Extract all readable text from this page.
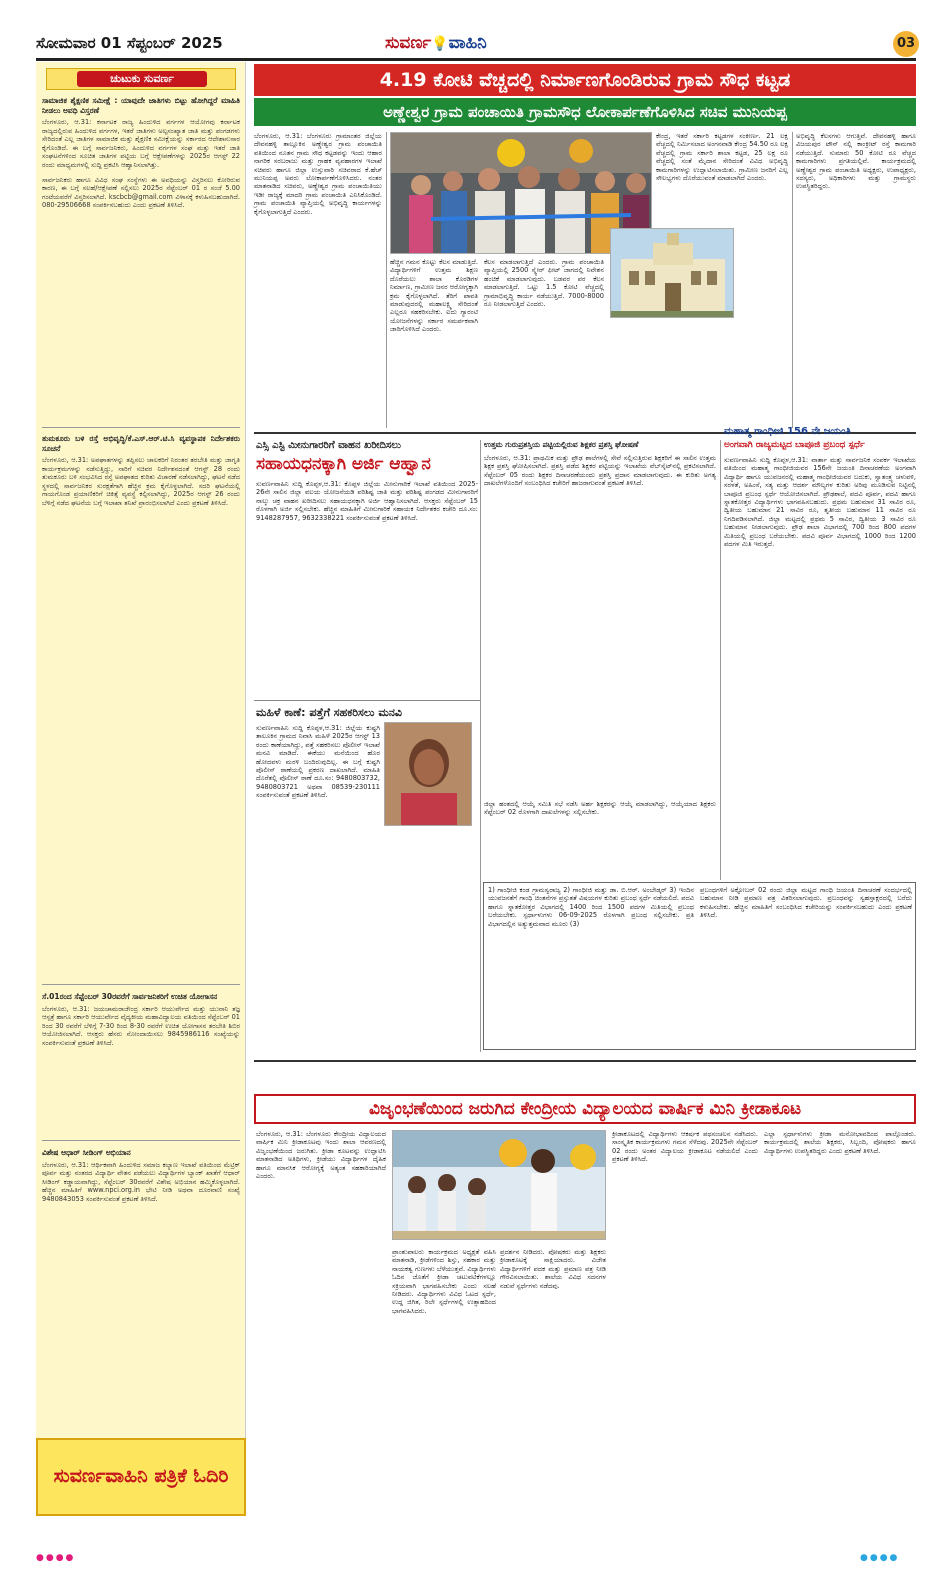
ಸೋಮವಾರ 01 ಸೆಪ್ಟಂಬರ್ 2025	ಸುವರ್ಣ💡ವಾಹಿನಿ	03
ಚುಟುಕು ಸುವರ್ಣ
ಸಾಮಾಜಿಕ ಶೈಕ್ಷಣಿಕ ಸಮೀಕ್ಷೆ : ಯಾವುದೇ ಜಾತಿಗಳು ಬಿಟ್ಟು ಹೋಗಿದ್ದರೆ ಮಾಹಿತಿ ನೀಡಲು ಅವಧಿ ವಿಸ್ತರಣೆ
ಬೆಂಗಳೂರು, ಆ.31: ಕರ್ನಾಟಕ ರಾಜ್ಯ ಹಿಂದುಳಿದ ವರ್ಗಗಳ ಆಯೋಗವು ಕರ್ನಾಟಕ ರಾಜ್ಯದಲ್ಲಿರುವ ಹಿಂದುಳಿದ ವರ್ಗಗಳ, ಇತರೆ ಜಾತಿಗಳು ಅಲ್ಪಸಂಖ್ಯಾತ ಜಾತಿ ಮತ್ತು ಪಂಗಡಗಳು ಸೇರಿದಂತೆ ಎಲ್ಲ ಜಾತಿಗಳ ಸಾಮಾಜಿಕ ಮತ್ತು ಶೈಕ್ಷಣಿಕ ಸಮೀಕ್ಷೆಯನ್ನು ಸರ್ಕಾರದ ಆದೇಶಾನುಸಾರ ಕೈಗೊಂಡಿದೆ. ಈ ಬಗ್ಗೆ ಸಾರ್ವಜನಿಕರು, ಹಿಂದುಳಿದ ವರ್ಗಗಳ ಸಂಘ ಮತ್ತು ಇತರೆ ಜಾತಿ ಸಂಘಟನೆಗಳಿಂದ ಸೂಚಿತ ಜಾತಿಗಳ ಪಟ್ಟಿಯ ಬಗ್ಗೆ ಆಕ್ಷೇಪಣೆಗಳನ್ನು 2025ರ ಆಗಸ್ಟ್ 22 ರಂದು ಮಾಧ್ಯಮಗಳಲ್ಲಿ ಸುದ್ದಿ ಪ್ರಕಟಿಸಿ ಆಹ್ವಾನಿಸಲಾಗಿತ್ತು.
ಸಾರ್ವಜನಿಕರು ಹಾಗೂ ವಿವಿಧ ಸಂಘ ಸಂಸ್ಥೆಗಳು ಈ ಅವಧಿಯನ್ನು ವಿಸ್ತರಿಸಲು ಕೋರಿರುವ ಕಾರಣ, ಈ ಬಗ್ಗೆ ಸಲಹೆ/ಆಕ್ಷೇಪಣೆ ಸಲ್ಲಿಸಲು 2025ರ ಸೆಪ್ಟೆಂಬರ್ 01 ರ ಸಂಜೆ 5.00 ಗಂಟೆಯವರೆಗೆ ವಿಸ್ತರಿಸಲಾಗಿದೆ. kscbcb@gmail.com ವಿಳಾಸಕ್ಕೆ ಕಳುಹಿಸಬಹುದಾಗಿದೆ. 080-29506668 ಸಂಪರ್ಕಿಸಬಹುದು ಎಂದು ಪ್ರಕಟಣೆ ತಿಳಿಸಿದೆ.
ತುಮಕೂರು ಬಳಿ ರಸ್ತೆ ಅಭಿವೃದ್ಧಿ/ಕೆ.ಎಸ್.ಆರ್.ಟಿ.ಸಿ ವ್ಯವಸ್ಥಾಪಕ ನಿರ್ದೇಶಕರು ಸೂಚನೆ
ಬೆಂಗಳೂರು, ಆ.31: ಅಪಘಾತಗಳನ್ನು ತಪ್ಪಿಸಲು ಚಾಲಕರಿಗೆ ನಿರಂತರ ತರಬೇತಿ ಮತ್ತು ಜಾಗೃತಿ ಕಾರ್ಯಕ್ರಮಗಳನ್ನು ನಡೆಸುತ್ತಿದ್ದು, ಸಾರಿಗೆ ಸಚಿವರ ನಿರ್ದೇಶನದಂತೆ ಆಗಸ್ಟ್ 28 ರಂದು ತುಮಕೂರು ಬಳಿ ಸಂಭವಿಸಿದ ರಸ್ತೆ ಅಪಘಾತದ ಕುರಿತು ವಿಚಾರಣೆ ನಡೆಸಲಾಗಿದ್ದು, ಘಟನೆ ನಡೆದ ಸ್ಥಳದಲ್ಲಿ ಸಾರ್ವಜನಿಕರ ಸುರಕ್ಷತೆಗಾಗಿ ಹೆಚ್ಚಿನ ಕ್ರಮ ಕೈಗೊಳ್ಳಲಾಗಿದೆ. ಸದರಿ ಘಟನೆಯಲ್ಲಿ ಗಾಯಗೊಂಡ ಪ್ರಯಾಣಿಕರಿಗೆ ಚಿಕಿತ್ಸೆ ವ್ಯವಸ್ಥೆ ಕಲ್ಪಿಸಲಾಗಿದ್ದು, 2025ರ ಆಗಸ್ಟ್ 26 ರಂದು ಬೆಳಿಗ್ಗೆ ನಡೆದ ಘಟನೆಯ ಬಗ್ಗೆ ಇಲಾಖಾ ತನಿಖೆ ಪ್ರಾರಂಭಿಸಲಾಗಿದೆ ಎಂದು ಪ್ರಕಟಣೆ ತಿಳಿಸಿದೆ.
ಸೆ.01ರಂದ ಸೆಪ್ಟೆಂಬರ್ 30ರವರೆಗೆ ಸಾರ್ವಜನಿಕರಿಗೆ ಉಚಿತ ಯೋಗಾಸನ
ಬೆಂಗಳೂರು, ಆ.31: ಜಯಚಾಮರಾಜೇಂದ್ರ ಸರ್ಕಾರಿ ಆಯುರ್ವೇದ ಮತ್ತು ಯುನಾನಿ ತಜ್ಞ ಆಸ್ಪತ್ರೆ ಹಾಗೂ ಸರ್ಕಾರಿ ಆಯುರ್ವೇದ ವೈದ್ಯಕೀಯ ಮಹಾವಿದ್ಯಾಲಯ ವತಿಯಿಂದ ಸೆಪ್ಟೆಂಬರ್ 01 ರಿಂದ 30 ರವರೆಗೆ ಬೆಳಿಗ್ಗೆ 7-30 ರಿಂದ 8-30 ರವರೆಗೆ ಉಚಿತ ಯೋಗಾಸನ ತರಬೇತಿ ಶಿಬಿರ ಆಯೋಜಿಸಲಾಗಿದೆ. ಆಸಕ್ತರು ಹೆಸರು ನೋಂದಾಯಿಸಲು 9845986116 ಸಂಖ್ಯೆಯನ್ನು ಸಂಪರ್ಕಿಸುವಂತೆ ಪ್ರಕಟಣೆ ತಿಳಿಸಿದೆ.
ವಿಶೇಷ ಆಧಾರ್ ಸೀಡಿಂಗ್ ಅಭಿಯಾನ
ಬೆಂಗಳೂರು, ಆ.31: ಆರ್ಥಿಕವಾಗಿ ಹಿಂದುಳಿದ ಸಮಾಜ ಕಲ್ಯಾಣ ಇಲಾಖೆ ವತಿಯಿಂದ ಮೆಟ್ರಿಕ್ ಪೂರ್ವ ಮತ್ತು ನಂತರದ ವಿದ್ಯಾರ್ಥಿ ವೇತನ ಪಡೆಯಲು ವಿದ್ಯಾರ್ಥಿಗಳ ಬ್ಯಾಂಕ್ ಖಾತೆಗೆ ಆಧಾರ್ ಸೀಡಿಂಗ್ ಕಡ್ಡಾಯವಾಗಿದ್ದು, ಸೆಪ್ಟೆಂಬರ್ 30ರವರೆಗೆ ವಿಶೇಷ ಅಭಿಯಾನ ಹಮ್ಮಿಕೊಳ್ಳಲಾಗಿದೆ. ಹೆಚ್ಚಿನ ಮಾಹಿತಿಗೆ www.npci.org.in ಭೇಟಿ ನೀಡಿ ಅಥವಾ ದೂರವಾಣಿ ಸಂಖ್ಯೆ 9480843053 ಸಂಪರ್ಕಿಸುವಂತೆ ಪ್ರಕಟಣೆ ತಿಳಿಸಿದೆ.
ಸುವರ್ಣವಾಹಿನಿ ಪತ್ರಿಕೆ ಓದಿರಿ
4.19 ಕೋಟಿ ವೆಚ್ಚದಲ್ಲಿ ನಿರ್ಮಾಣಗೊಂಡಿರುವ ಗ್ರಾಮ ಸೌಧ ಕಟ್ಟಡ
ಅಣ್ಣೇಶ್ವರ ಗ್ರಾಮ ಪಂಚಾಯಿತಿ ಗ್ರಾಮಸೌಧ ಲೋಕಾರ್ಪಣೆಗೊಳಿಸಿದ ಸಚಿವ ಮುನಿಯಪ್ಪ
ಬೆಂಗಳೂರು, ಆ.31: ಬೆಂಗಳೂರು ಗ್ರಾಮಾಂತರ ಜಿಲ್ಲೆಯ ದೇವನಹಳ್ಳಿ ತಾಲ್ಲೂಕಿನ ಅಣ್ಣೇಶ್ವರ ಗ್ರಾಮ ಪಂಚಾಯಿತಿ ವತಿಯಿಂದ ನೂತನ ಗ್ರಾಮ ಸೌಧ ಕಟ್ಟಡವನ್ನು ಇಂದು ಆಹಾರ ನಾಗರಿಕ ಸರಬರಾಜು ಮತ್ತು ಗ್ರಾಹಕ ವ್ಯವಹಾರಗಳ ಇಲಾಖೆ ಸಚಿವರು ಹಾಗೂ ಜಿಲ್ಲಾ ಉಸ್ತುವಾರಿ ಸಚಿವರಾದ ಕೆ.ಹೆಚ್ ಮುನಿಯಪ್ಪ ಅವರು ಲೋಕಾರ್ಪಣೆಗೊಳಿಸಿದರು. ನಂತರ ಮಾತನಾಡಿದ ಸಚಿವರು, ಅಣ್ಣೇಶ್ವರ ಗ್ರಾಮ ಪಂಚಾಯಿತಿಯು ಇಡೀ ರಾಜ್ಯಕ್ಕೆ ಮಾದರಿ ಗ್ರಾಮ ಪಂಚಾಯಿತಿ ಎನಿಸಿಕೊಂಡಿದೆ. ಗ್ರಾಮ ಪಂಚಾಯಿತಿ ವ್ಯಾಪ್ತಿಯಲ್ಲಿ ಅಭಿವೃದ್ಧಿ ಕಾರ್ಯಗಳನ್ನು ಕೈಗೊಳ್ಳಲಾಗುತ್ತಿದೆ ಎಂದರು.
ಹೆಚ್ಚಿನ ಗಮನ ಕೊಟ್ಟು ಕೆಲಸ ಮಾಡುತ್ತಿದೆ. ವಿದ್ಯಾರ್ಥಿಗಳಿಗೆ ಉತ್ತಮ ಶಿಕ್ಷಣ ದೊರೆಯಲು ಶಾಲಾ ಕೊಠಡಿಗಳ ನಿರ್ಮಾಣ, ಗ್ರಾಮೀಣ ಜನರ ಆರೋಗ್ಯಕ್ಕಾಗಿ ಕ್ರಮ ಕೈಗೊಳ್ಳಲಾಗಿದೆ. ತೆರಿಗೆ ಪಾವತಿ ಮಾಡುವುದರಲ್ಲಿ ಮಹಾಲಕ್ಷ್ಮಿ ಸೇರಿದಂತೆ ಎಲ್ಲರೂ ಸಹಕರಿಸಬೇಕು. ಐದು ಗ್ಯಾರಂಟಿ ಯೋಜನೆಗಳನ್ನು ಸರ್ಕಾರ ಸಮರ್ಪಕವಾಗಿ ಜಾರಿಗೊಳಿಸಿದೆ ಎಂದರು.
ಕೆಲಸ ಮಾಡಲಾಗುತ್ತಿದೆ ಎಂದರು. ಗ್ರಾಮ ಪಂಚಾಯಿತಿ ವ್ಯಾಪ್ತಿಯಲ್ಲಿ 2500 ಸ್ಕ್ವೇರ್ ಫೀಟ್ ಜಾಗದಲ್ಲಿ ನಿವೇಶನ ಹಂಚಿಕೆ ಮಾಡಲಾಗುವುದು. ಬಡವರ ಪರ ಕೆಲಸ ಮಾಡಲಾಗುತ್ತಿದೆ. ಒಟ್ಟು 1.5 ಕೋಟಿ ವೆಚ್ಚದಲ್ಲಿ ಗ್ರಾಮಾಭಿವೃದ್ಧಿ ಕಾರ್ಯ ನಡೆಯುತ್ತಿದೆ. 7000-8000 ರೂ ನೀಡಲಾಗುತ್ತಿದೆ ಎಂದರು.
ಕೇಂದ್ರ, ಇತರೆ ಸರ್ಕಾರಿ ಕಟ್ಟಡಗಳ ಸಂಕೀರ್ಣ. 21 ಲಕ್ಷ ವೆಚ್ಚದಲ್ಲಿ ನಿರ್ಮಿಸಲಾದ ಅಂಗನವಾಡಿ ಕೇಂದ್ರ 54.50 ರೂ ಲಕ್ಷ ವೆಚ್ಚದಲ್ಲಿ ಗ್ರಾಮ ಸರ್ಕಾರಿ ಶಾಲಾ ಕಟ್ಟಡ, 25 ಲಕ್ಷ ರೂ ವೆಚ್ಚದಲ್ಲಿ ಸಂತೆ ಮೈದಾನ ಸೇರಿದಂತೆ ವಿವಿಧ ಅಭಿವೃದ್ಧಿ ಕಾಮಗಾರಿಗಳನ್ನು ಉದ್ಘಾಟಿಸಲಾಯಿತು. ಗ್ರಾಮೀಣ ಜನರಿಗೆ ಎಲ್ಲ ಸೌಲಭ್ಯಗಳು ದೊರೆಯುವಂತೆ ಮಾಡಲಾಗಿದೆ ಎಂದರು.
ಅಭಿವೃದ್ಧಿ ಕೆಲಸಗಳು ಆಗುತ್ತಿವೆ. ದೇವನಹಳ್ಳಿ ಹಾಗೂ ವಿಜಯಪುರ ಟೌನ್ ನಲ್ಲಿ ಕಾಂಕ್ರೀಟ್ ರಸ್ತೆ ಕಾಮಗಾರಿ ನಡೆಯುತ್ತಿದೆ. ಸುಮಾರು 50 ಕೋಟಿ ರೂ ವೆಚ್ಚದ ಕಾಮಗಾರಿಗಳು ಪ್ರಗತಿಯಲ್ಲಿವೆ. ಕಾರ್ಯಕ್ರಮದಲ್ಲಿ ಅಣ್ಣೇಶ್ವರ ಗ್ರಾಮ ಪಂಚಾಯಿತಿ ಅಧ್ಯಕ್ಷರು, ಉಪಾಧ್ಯಕ್ಷರು, ಸದಸ್ಯರು, ಅಧಿಕಾರಿಗಳು ಮತ್ತು ಗ್ರಾಮಸ್ಥರು ಉಪಸ್ಥಿತರಿದ್ದರು.
ಎಸ್ಸಿ ಎಸ್ಟಿ ಮೀನುಗಾರರಿಗೆ ವಾಹನ ಖರೀದಿಸಲು
ಸಹಾಯಧನಕ್ಕಾಗಿ ಅರ್ಜಿ ಆಹ್ವಾನ
ಸುವರ್ಣವಾಹಿನಿ ಸುದ್ದಿ ಕೊಪ್ಪಳ,ಆ.31: ಕೊಪ್ಪಳ ಜಿಲ್ಲೆಯ ಮೀನುಗಾರಿಕೆ ಇಲಾಖೆ ವತಿಯಿಂದ 2025-26ನೇ ಸಾಲಿನ ಜಿಲ್ಲಾ ವಲಯ ಯೋಜನೆಯಡಿ ಪರಿಶಿಷ್ಟ ಜಾತಿ ಮತ್ತು ಪರಿಶಿಷ್ಟ ಪಂಗಡದ ಮೀನುಗಾರರಿಗೆ ನಾಲ್ಕು ಚಕ್ರ ವಾಹನ ಖರೀದಿಸಲು ಸಹಾಯಧನಕ್ಕಾಗಿ ಅರ್ಜಿ ಆಹ್ವಾನಿಸಲಾಗಿದೆ. ಆಸಕ್ತರು ಸೆಪ್ಟೆಂಬರ್ 15 ರೊಳಗಾಗಿ ಅರ್ಜಿ ಸಲ್ಲಿಸಬೇಕು. ಹೆಚ್ಚಿನ ಮಾಹಿತಿಗೆ ಮೀನುಗಾರಿಕೆ ಸಹಾಯಕ ನಿರ್ದೇಶಕರ ಕಚೇರಿ ದೂ.ಸಂ: 9148287957, 9632338221 ಸಂಪರ್ಕಿಸುವಂತೆ ಪ್ರಕಟಣೆ ತಿಳಿಸಿದೆ.
ಮಹಿಳೆ ಕಾಣೆ: ಪತ್ತೆಗೆ ಸಹಕರಿಸಲು ಮನವಿ
ಸುವರ್ಣವಾಹಿನಿ ಸುದ್ದಿ ಕೊಪ್ಪಳ,ಆ.31: ಜಿಲ್ಲೆಯ ಕುಷ್ಟಗಿ ತಾಲೂಕಿನ ಗ್ರಾಮದ ನಿವಾಸಿ ಮಹಿಳೆ 2025ರ ಆಗಸ್ಟ್ 13 ರಂದು ಕಾಣೆಯಾಗಿದ್ದು, ಪತ್ತೆ ಸಹಕರಿಸಲು ಪೊಲೀಸ್ ಇಲಾಖೆ ಮನವಿ ಮಾಡಿದೆ. ಈಕೆಯು ಮನೆಯಿಂದ ಹೊರ ಹೋದವಳು ಮರಳಿ ಬಂದಿರುವುದಿಲ್ಲ. ಈ ಬಗ್ಗೆ ಕುಷ್ಟಗಿ ಪೊಲೀಸ್ ಠಾಣೆಯಲ್ಲಿ ಪ್ರಕರಣ ದಾಖಲಾಗಿದೆ. ಮಾಹಿತಿ ದೊರೆತಲ್ಲಿ ಪೊಲೀಸ್ ಠಾಣೆ ದೂ.ಸಂ: 9480803732, 9480803721 ಅಥವಾ 08539-230111 ಸಂಪರ್ಕಿಸುವಂತೆ ಪ್ರಕಟಣೆ ತಿಳಿಸಿದೆ.
ಉತ್ತಮ ಗುರುಪ್ರಶಸ್ತಿಯ ಪಟ್ಟಿಯಲ್ಲಿರುವ ಶಿಕ್ಷಕರ ಪ್ರಶಸ್ತಿ ಘೋಷಣೆ
ಬೆಂಗಳೂರು, ಆ.31: ಪ್ರಾಥಮಿಕ ಮತ್ತು ಪ್ರೌಢ ಶಾಲೆಗಳಲ್ಲಿ ಸೇವೆ ಸಲ್ಲಿಸುತ್ತಿರುವ ಶಿಕ್ಷಕರಿಗೆ ಈ ಸಾಲಿನ ಉತ್ತಮ ಶಿಕ್ಷಕ ಪ್ರಶಸ್ತಿ ಘೋಷಿಸಲಾಗಿದೆ. ಪ್ರಶಸ್ತಿ ಪಡೆದ ಶಿಕ್ಷಕರ ಪಟ್ಟಿಯನ್ನು ಇಲಾಖೆಯ ವೆಬ್‌ಸೈಟ್‌ನಲ್ಲಿ ಪ್ರಕಟಿಸಲಾಗಿದೆ. ಸೆಪ್ಟೆಂಬರ್ 05 ರಂದು ಶಿಕ್ಷಕರ ದಿನಾಚರಣೆಯಂದು ಪ್ರಶಸ್ತಿ ಪ್ರದಾನ ಮಾಡಲಾಗುವುದು. ಈ ಕುರಿತು ಅಗತ್ಯ ದಾಖಲೆಗಳೊಂದಿಗೆ ಸಂಬಂಧಿಸಿದ ಕಚೇರಿಗೆ ಹಾಜರಾಗುವಂತೆ ಪ್ರಕಟಣೆ ತಿಳಿಸಿದೆ.
ಜಿಲ್ಲಾ ಹಂತದಲ್ಲಿ ಆಯ್ಕೆ ಸಮಿತಿ ಸಭೆ ನಡೆಸಿ ಅರ್ಹ ಶಿಕ್ಷಕರನ್ನು ಆಯ್ಕೆ ಮಾಡಲಾಗಿದ್ದು, ಆಯ್ಕೆಯಾದ ಶಿಕ್ಷಕರು ಸೆಪ್ಟೆಂಬರ್ 02 ರೊಳಗಾಗಿ ದಾಖಲೆಗಳನ್ನು ಸಲ್ಲಿಸಬೇಕು.
ಮಹಾತ್ಮ ಗಾಂಧೀಜಿ 156 ನೇ ಜಯಂತಿ
ಅಂಗವಾಗಿ ರಾಜ್ಯಮಟ್ಟದ ಬಾಪೂಜಿ ಪ್ರಬಂಧ ಸ್ಪರ್ಧೆ
ಸುವರ್ಣವಾಹಿನಿ ಸುದ್ದಿ ಕೊಪ್ಪಳ,ಆ.31: ವಾರ್ತಾ ಮತ್ತು ಸಾರ್ವಜನಿಕ ಸಂಪರ್ಕ ಇಲಾಖೆಯ ವತಿಯಿಂದ ಮಹಾತ್ಮ ಗಾಂಧೀಜಿಯವರ 156ನೇ ಜಯಂತಿ ದಿನಾಚರಣೆಯ ಅಂಗವಾಗಿ ವಿದ್ಯಾರ್ಥಿ ಹಾಗೂ ಯುವಜನರಲ್ಲಿ ಮಹಾತ್ಮ ಗಾಂಧೀಜಿಯವರ ಬದುಕು, ಸ್ವಾತಂತ್ರ್ಯ ಚಳುವಳಿ, ಸರಳತೆ, ಅಹಿಂಸೆ, ಸತ್ಯ ಮತ್ತು ಆದರ್ಶ ಮೌಲ್ಯಗಳ ಕುರಿತು ಅರಿವು ಮೂಡಿಸುವ ನಿಟ್ಟಿನಲ್ಲಿ ಬಾಪೂಜಿ ಪ್ರಬಂಧ ಸ್ಪರ್ಧೆ ಆಯೋಜಿಸಲಾಗಿದೆ. ಪ್ರೌಢಶಾಲೆ, ಪದವಿ ಪೂರ್ವ, ಪದವಿ ಹಾಗೂ ಸ್ನಾತಕೋತ್ತರ ವಿದ್ಯಾರ್ಥಿಗಳು ಭಾಗವಹಿಸಬಹುದು. ಪ್ರಥಮ ಬಹುಮಾನ 31 ಸಾವಿರ ರೂ, ದ್ವಿತೀಯ ಬಹುಮಾನ 21 ಸಾವಿರ ರೂ, ತೃತೀಯ ಬಹುಮಾನ 11 ಸಾವಿರ ರೂ ನಿಗದಿಪಡಿಸಲಾಗಿದೆ. ಜಿಲ್ಲಾ ಮಟ್ಟದಲ್ಲಿ ಪ್ರಥಮ 5 ಸಾವಿರ, ದ್ವಿತೀಯ 3 ಸಾವಿರ ರೂ ಬಹುಮಾನ ನೀಡಲಾಗುವುದು. ಪ್ರೌಢ ಶಾಲಾ ವಿಭಾಗದಲ್ಲಿ 700 ರಿಂದ 800 ಪದಗಳ ಮಿತಿಯಲ್ಲಿ ಪ್ರಬಂಧ ಬರೆಯಬೇಕು. ಪದವಿ ಪೂರ್ವ ವಿಭಾಗದಲ್ಲಿ 1000 ರಿಂದ 1200 ಪದಗಳ ಮಿತಿ ಇರುತ್ತದೆ.
1) ಗಾಂಧೀಜಿ ಕಂಡ ಗ್ರಾಮಸ್ವರಾಜ್ಯ 2) ಗಾಂಧೀಜಿ ಮತ್ತು ಡಾ. ಬಿ.ಆರ್. ಅಂಬೇಡ್ಕರ್ 3) ಇಂದಿನ ಯುವಜನತೆಗೆ ಗಾಂಧಿ ಚಿಂತನೆಗಳ ಪ್ರಸ್ತುತತೆ ವಿಷಯಗಳ ಕುರಿತು ಪ್ರಬಂಧ ಸ್ಪರ್ಧೆ ನಡೆಯಲಿದೆ. ಪದವಿ ಹಾಗೂ ಸ್ನಾತಕೋತ್ತರ ವಿಭಾಗದಲ್ಲಿ 1400 ರಿಂದ 1500 ಪದಗಳ ಮಿತಿಯಲ್ಲಿ ಪ್ರಬಂಧ ಬರೆಯಬೇಕು. ಸ್ಪರ್ಧಾಳುಗಳು 06-09-2025 ರೊಳಗಾಗಿ ಪ್ರಬಂಧ ಸಲ್ಲಿಸಬೇಕು. ಪ್ರತಿ ವಿಭಾಗದಲ್ಲಿನ ಅತ್ಯುತ್ತಮವಾದ ಮೂರು (3)
ಪ್ರಬಂಧಗಳಿಗೆ ಅಕ್ಟೋಬರ್ 02 ರಂದು ಜಿಲ್ಲಾ ಮಟ್ಟದ ಗಾಂಧಿ ಜಯಂತಿ ದಿನಾಚರಣೆ ಸಂದರ್ಭದಲ್ಲಿ ಬಹುಮಾನ ನೀಡಿ ಪ್ರಮಾಣ ಪತ್ರ ವಿತರಿಸಲಾಗುವುದು. ಪ್ರಬಂಧವನ್ನು ಸ್ವಹಸ್ತಾಕ್ಷರದಲ್ಲಿ ಬರೆದು ಕಳುಹಿಸಬೇಕು. ಹೆಚ್ಚಿನ ಮಾಹಿತಿಗೆ ಸಂಬಂಧಿಸಿದ ಕಚೇರಿಯನ್ನು ಸಂಪರ್ಕಿಸಬಹುದು ಎಂದು ಪ್ರಕಟಣೆ ತಿಳಿಸಿದೆ.
ವಿಜೃಂಭಣೆಯಿಂದ ಜರುಗಿದ ಕೇಂದ್ರೀಯ ವಿದ್ಯಾಲಯದ ವಾರ್ಷಿಕ ಮಿನಿ ಕ್ರೀಡಾಕೂಟ
ಬೆಂಗಳೂರು, ಆ.31: ಬೆಂಗಳೂರು ಕೇಂದ್ರೀಯ ವಿದ್ಯಾಲಯದ ವಾರ್ಷಿಕ ಮಿನಿ ಕ್ರೀಡಾಕೂಟವು ಇಂದು ಶಾಲಾ ಆವರಣದಲ್ಲಿ ವಿಜೃಂಭಣೆಯಿಂದ ಜರುಗಿತು. ಕ್ರೀಡಾ ಕೂಟವನ್ನು ಉದ್ಘಾಟಿಸಿ ಮಾತನಾಡಿದ ಅತಿಥಿಗಳು, ಕ್ರೀಡೆಯು ವಿದ್ಯಾರ್ಥಿಗಳ ದೈಹಿಕ ಹಾಗೂ ಮಾನಸಿಕ ಆರೋಗ್ಯಕ್ಕೆ ಅತ್ಯಂತ ಸಹಕಾರಿಯಾಗಿದೆ ಎಂದರು.
ಪ್ರಾಂಶುಪಾಲರು ಕಾರ್ಯಕ್ರಮದ ಅಧ್ಯಕ್ಷತೆ ವಹಿಸಿ ಮಾತನಾಡಿ, ಕ್ರೀಡೆಗಳಿಂದ ಶಿಸ್ತು, ಸಹಕಾರ ಮತ್ತು ನಾಯಕತ್ವ ಗುಣಗಳು ಬೆಳೆಯುತ್ತವೆ. ವಿದ್ಯಾರ್ಥಿಗಳು ಓದಿನ ಜೊತೆಗೆ ಕ್ರೀಡಾ ಚಟುವಟಿಕೆಗಳಲ್ಲೂ ಸಕ್ರಿಯವಾಗಿ ಭಾಗವಹಿಸಬೇಕು ಎಂದು ಸಲಹೆ ನೀಡಿದರು. ವಿದ್ಯಾರ್ಥಿಗಳು ವಿವಿಧ ಓಟದ ಸ್ಪರ್ಧೆ, ಉದ್ದ ಜಿಗಿತ, ರಿಲೇ ಸ್ಪರ್ಧೆಗಳಲ್ಲಿ ಉತ್ಸಾಹದಿಂದ ಭಾಗವಹಿಸಿದರು.
ಪ್ರದರ್ಶನ ನೀಡಿದರು. ಪೋಷಕರು ಮತ್ತು ಶಿಕ್ಷಕರು ಕ್ರೀಡಾಕೂಟಕ್ಕೆ ಸಾಕ್ಷಿಯಾದರು. ವಿಜೇತ ವಿದ್ಯಾರ್ಥಿಗಳಿಗೆ ಪದಕ ಮತ್ತು ಪ್ರಮಾಣ ಪತ್ರ ನೀಡಿ ಗೌರವಿಸಲಾಯಿತು. ಶಾಲೆಯ ವಿವಿಧ ಸದನಗಳ ನಡುವೆ ಸ್ಪರ್ಧೆಗಳು ನಡೆದವು.
ಕ್ರೀಡಾಕೂಟದಲ್ಲಿ ವಿದ್ಯಾರ್ಥಿಗಳು ಆಕರ್ಷಕ ಪಥಸಂಚಲನ ನಡೆಸಿದರು. ಸಾಂಸ್ಕೃತಿಕ ಕಾರ್ಯಕ್ರಮಗಳು ಗಮನ ಸೆಳೆದವು. 2025ನೇ ಸೆಪ್ಟೆಂಬರ್ 02 ರಂದು ಅಂತರ ವಿದ್ಯಾಲಯ ಕ್ರೀಡಾಕೂಟ ನಡೆಯಲಿದೆ ಎಂದು ಪ್ರಕಟಣೆ ತಿಳಿಸಿದೆ.
ಎಲ್ಲಾ ಸ್ಪರ್ಧಾಳುಗಳು ಕ್ರೀಡಾ ಮನೋಭಾವದಿಂದ ಪಾಲ್ಗೊಂಡರು. ಕಾರ್ಯಕ್ರಮದಲ್ಲಿ ಶಾಲೆಯ ಶಿಕ್ಷಕರು, ಸಿಬ್ಬಂದಿ, ಪೋಷಕರು ಹಾಗೂ ವಿದ್ಯಾರ್ಥಿಗಳು ಉಪಸ್ಥಿತರಿದ್ದರು ಎಂದು ಪ್ರಕಟಣೆ ತಿಳಿಸಿದೆ.
●●●●	●●●●
